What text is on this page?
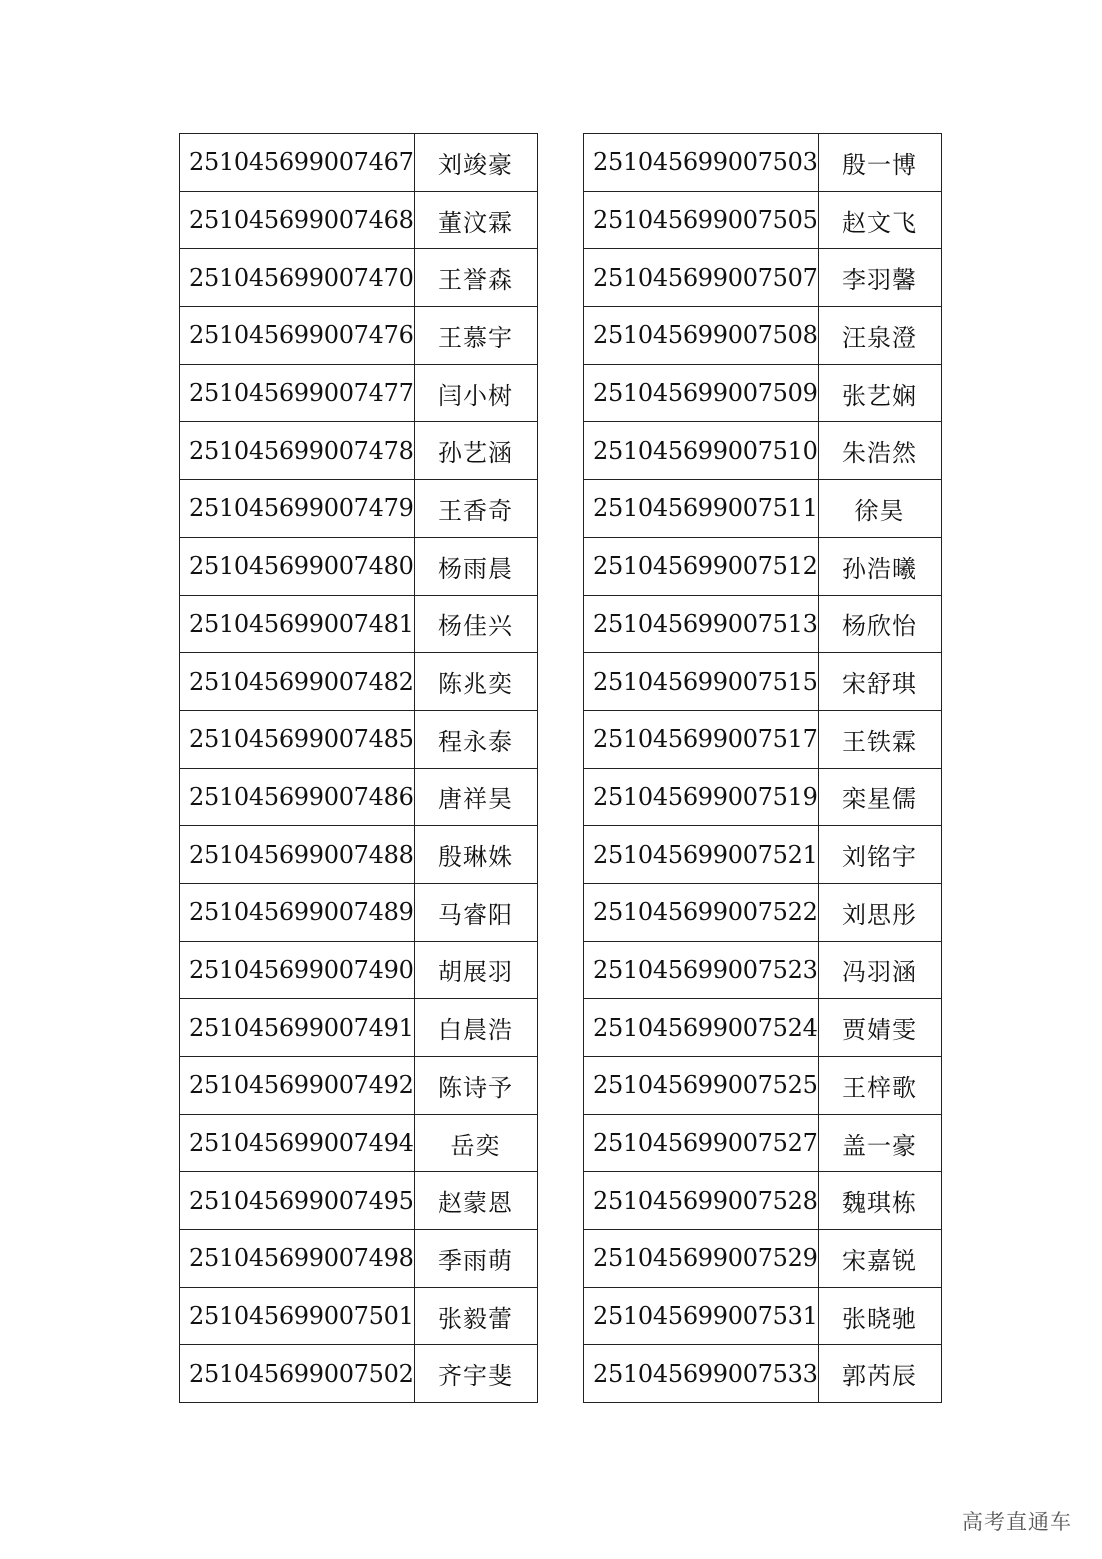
251045699007467	刘竣豪
251045699007468	董汶霖
251045699007470	王誉森
251045699007476	王慕宇
251045699007477	闫小树
251045699007478	孙艺涵
251045699007479	王香奇
251045699007480	杨雨晨
251045699007481	杨佳兴
251045699007482	陈兆奕
251045699007485	程永泰
251045699007486	唐祥昊
251045699007488	殷琳姝
251045699007489	马睿阳
251045699007490	胡展羽
251045699007491	白晨浩
251045699007492	陈诗予
251045699007494	岳奕
251045699007495	赵蒙恩
251045699007498	季雨萌
251045699007501	张毅蕾
251045699007502	齐宇斐
251045699007503	殷一博
251045699007505	赵文飞
251045699007507	李羽馨
251045699007508	汪泉澄
251045699007509	张艺娴
251045699007510	朱浩然
251045699007511	徐昊
251045699007512	孙浩曦
251045699007513	杨欣怡
251045699007515	宋舒琪
251045699007517	王铁霖
251045699007519	栾星儒
251045699007521	刘铭宇
251045699007522	刘思彤
251045699007523	冯羽涵
251045699007524	贾婧雯
251045699007525	王梓歌
251045699007527	盖一豪
251045699007528	魏琪栋
251045699007529	宋嘉锐
251045699007531	张晓驰
251045699007533	郭芮辰
高考直通车
